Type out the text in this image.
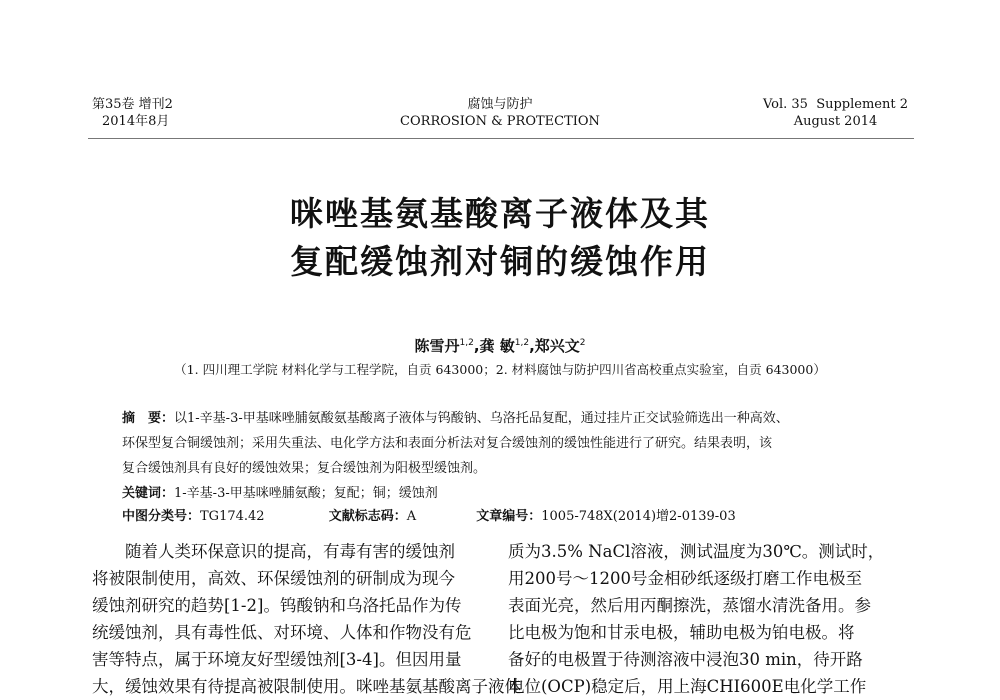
第35卷 增刊2
2014年8月
腐蚀与防护
CORROSION & PROTECTION
Vol. 35  Supplement 2
August 2014
咪唑基氨基酸离子液体及其
复配缓蚀剂对铜的缓蚀作用
陈雪丹$^{1,2}$,龚 敏$^{1,2}$,郑兴文$^2$
（1. 四川理工学院 材料化学与工程学院，自贡 643000；2. 材料腐蚀与防护四川省高校重点实验室，自贡 643000）
摘　要：以1-辛基-3-甲基咪唑脯氨酸氨基酸离子液体与钨酸钠、乌洛托品复配，通过挂片正交试验筛选出一种高效、
环保型复合铜缓蚀剂；采用失重法、电化学方法和表面分析法对复合缓蚀剂的缓蚀性能进行了研究。结果表明，该
复合缓蚀剂具有良好的缓蚀效果；复合缓蚀剂为阳极型缓蚀剂。
关键词：1-辛基-3-甲基咪唑脯氨酸；复配；铜；缓蚀剂
中图分类号：TG174.42	文献标志码：A	文章编号：1005-748X(2014)增2-0139-03
　　随着人类环保意识的提高，有毒有害的缓蚀剂
将被限制使用，高效、环保缓蚀剂的研制成为现今
缓蚀剂研究的趋势[1-2]。钨酸钠和乌洛托品作为传
统缓蚀剂，具有毒性低、对环境、人体和作物没有危
害等特点，属于环境友好型缓蚀剂[3-4]。但因用量
大，缓蚀效果有待提高被限制使用。咪唑基氨基酸离子液体
质为3.5% NaCl溶液，测试温度为30℃。测试时，
用200号～1200号金相砂纸逐级打磨工作电极至
表面光亮，然后用丙酮擦洗，蒸馏水清洗备用。参
比电极为饱和甘汞电极，辅助电极为铂电极。将
备好的电极置于待测溶液中浸泡30 min，待开路
电位(OCP)稳定后，用上海CHI600E电化学工作
